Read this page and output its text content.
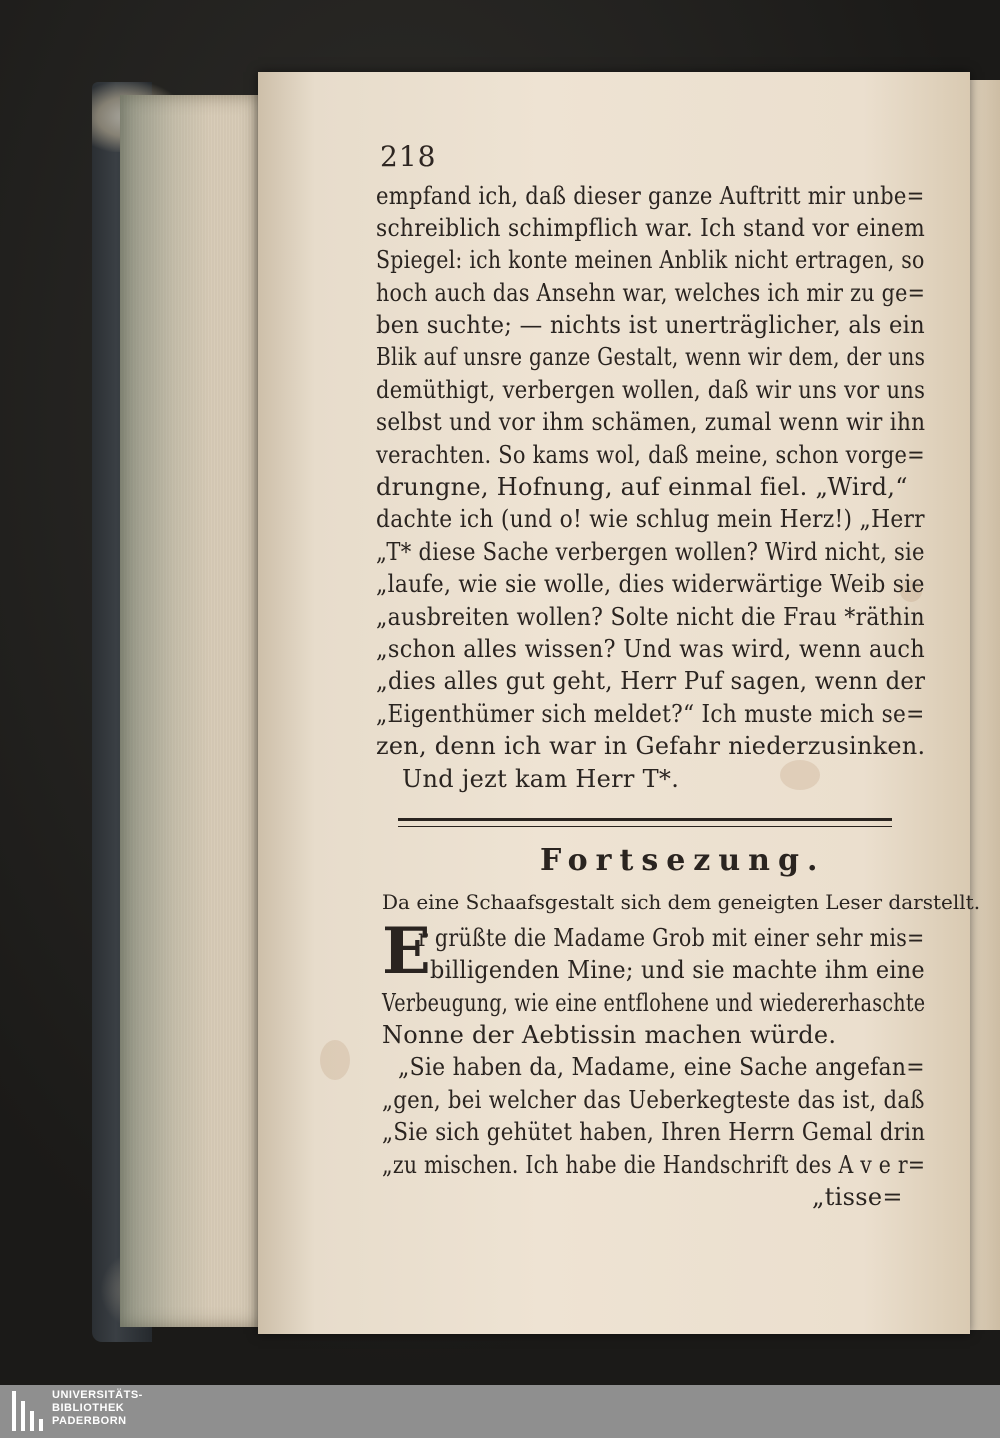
218
empfand ich, daß dieser ganze Auftritt mir unbe=
schreiblich schimpflich war. Ich stand vor einem
Spiegel: ich konte meinen Anblik nicht ertragen, so
hoch auch das Ansehn war, welches ich mir zu ge=
ben suchte; — nichts ist unerträglicher, als ein
Blik auf unsre ganze Gestalt, wenn wir dem, der uns
demüthigt, verbergen wollen, daß wir uns vor uns
selbst und vor ihm schämen, zumal wenn wir ihn
verachten. So kams wol, daß meine, schon vorge=
drungne, Hofnung, auf einmal fiel. „Wird,“
dachte ich (und o! wie schlug mein Herz!) „Herr
„T* diese Sache verbergen wollen? Wird nicht, sie
„laufe, wie sie wolle, dies widerwärtige Weib sie
„ausbreiten wollen? Solte nicht die Frau *räthin
„schon alles wissen? Und was wird, wenn auch
„dies alles gut geht, Herr Puf sagen, wenn der
„Eigenthümer sich meldet?“ Ich muste mich se=
zen, denn ich war in Gefahr niederzusinken.
Und jezt kam Herr T*.
Fortsezung.
Da eine Schaafsgestalt sich dem geneigten Leser darstellt.
E
r grüßte die Madame Grob mit einer sehr mis=
billigenden Mine; und sie machte ihm eine
Verbeugung, wie eine entflohene und wiedererhaschte
Nonne der Aebtissin machen würde.
„Sie haben da, Madame, eine Sache angefan=
„gen, bei welcher das Ueberkegteste das ist, daß
„Sie sich gehütet haben, Ihren Herrn Gemal drin
„zu mischen. Ich habe die Handschrift des A v e r=
„tisse=
UNIVERSITÄTS-
BIBLIOTHEK
PADERBORN
